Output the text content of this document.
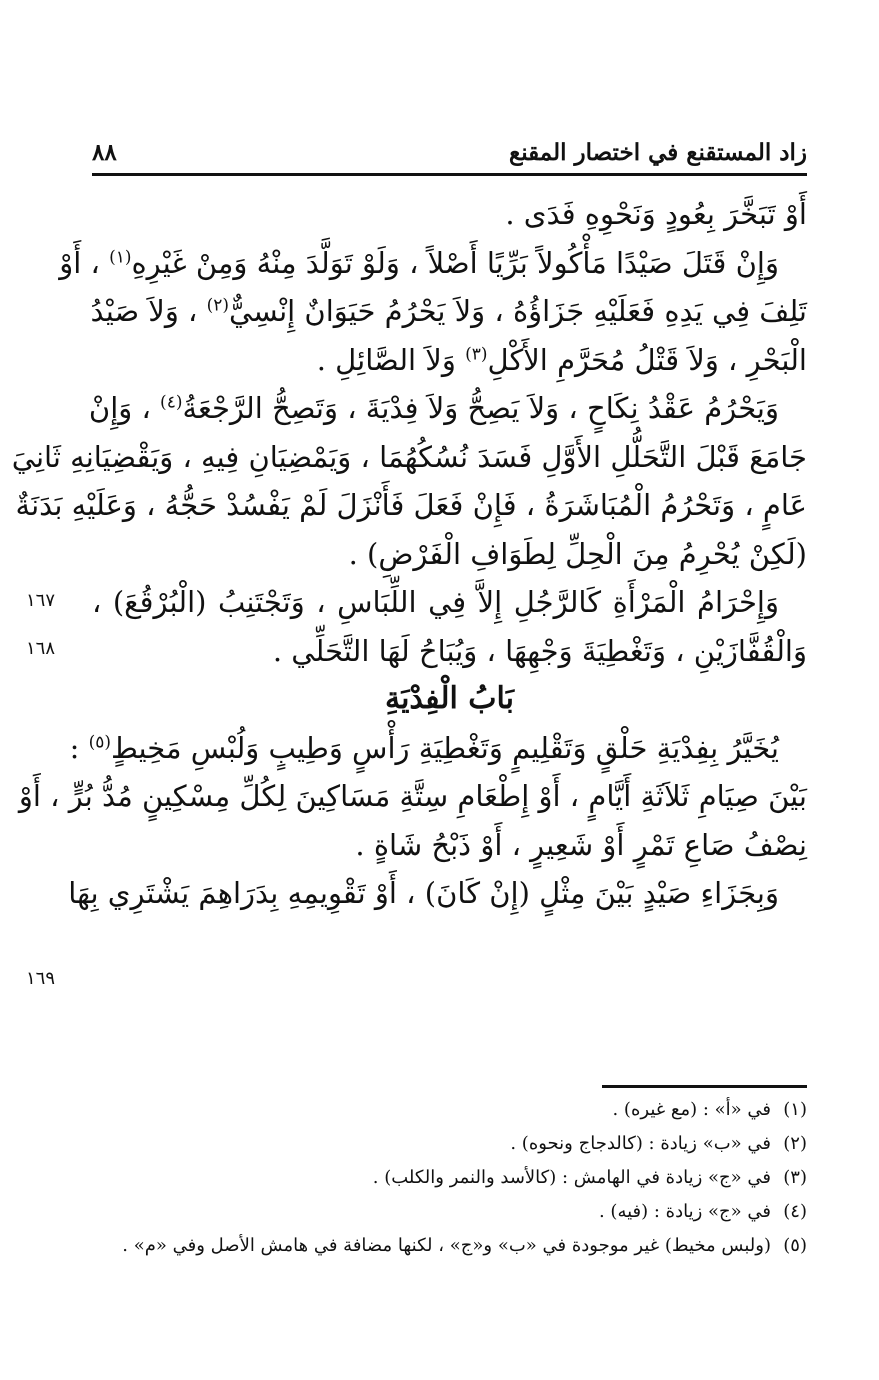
زاد المستقنع في اختصار المقنع
٨٨
أَوْ تَبَخَّرَ بِعُودٍ وَنَحْوِهِ فَدَى .
وَإِنْ قَتَلَ صَيْدًا مَأْكُولاً بَرِّيًا أَصْلاً ، وَلَوْ تَوَلَّدَ مِنْهُ وَمِنْ غَيْرِهِ$^{(١)}$ ، أَوْ
تَلِفَ فِي يَدِهِ فَعَلَيْهِ جَزَاؤُهُ ، وَلاَ يَحْرُمُ حَيَوَانٌ إِنْسِيٌّ$^{(٢)}$ ، وَلاَ صَيْدُ
الْبَحْرِ ، وَلاَ قَتْلُ مُحَرَّمِ الأَكْلِ$^{(٣)}$ وَلاَ الصَّائِلِ .
وَيَحْرُمُ عَقْدُ نِكَاحٍ ، وَلاَ يَصِحُّ وَلاَ فِدْيَةَ ، وَتَصِحُّ الرَّجْعَةُ$^{(٤)}$ ، وَإِنْ
جَامَعَ قَبْلَ التَّحَلُّلِ الأَوَّلِ فَسَدَ نُسُكُهُمَا ، وَيَمْضِيَانِ فِيهِ ، وَيَقْضِيَانِهِ ثَانِيَ
عَامٍ ، وَتَحْرُمُ الْمُبَاشَرَةُ ، فَإِنْ فَعَلَ فَأَنْزَلَ لَمْ يَفْسُدْ حَجُّهُ ، وَعَلَيْهِ بَدَنَةٌ
(لَكِنْ يُحْرِمُ مِنَ الْحِلِّ لِطَوَافِ الْفَرْضِ) .
وَإِحْرَامُ الْمَرْأَةِ كَالرَّجُلِ إِلاَّ فِي اللِّبَاسِ ، وَتَجْتَنِبُ (الْبُرْقُعَ) ،
وَالْقُفَّازَيْنِ ، وَتَغْطِيَةَ وَجْهِهَا ، وَيُبَاحُ لَهَا التَّحَلِّي .
بَابُ الْفِدْيَةِ
يُخَيَّرُ بِفِدْيَةِ حَلْقٍ وَتَقْلِيمٍ وَتَغْطِيَةِ رَأْسٍ وَطِيبٍ وَلُبْسِ مَخِيطٍ$^{(٥)}$ :
بَيْنَ صِيَامِ ثَلاَثَةِ أَيَّامٍ ، أَوْ إِطْعَامِ سِتَّةِ مَسَاكِينَ لِكُلِّ مِسْكِينٍ مُدُّ بُرٍّ ، أَوْ
نِصْفُ صَاعِ تَمْرٍ أَوْ شَعِيرٍ ، أَوْ ذَبْحُ شَاةٍ .
وَبِجَزَاءِ صَيْدٍ بَيْنَ مِثْلٍ (إِنْ كَانَ) ، أَوْ تَقْوِيمِهِ بِدَرَاهِمَ يَشْتَرِي بِهَا
١٦٧
١٦٨
١٦٩
(١)في «أ» : (مع غيره) .
(٢)في «ب» زيادة : (كالدجاج ونحوه) .
(٣)في «ج» زيادة في الهامش : (كالأسد والنمر والكلب) .
(٤)في «ج» زيادة : (فيه) .
(٥)(ولبس مخيط) غير موجودة في «ب» و«ج» ، لكنها مضافة في هامش الأصل وفي «م» .
